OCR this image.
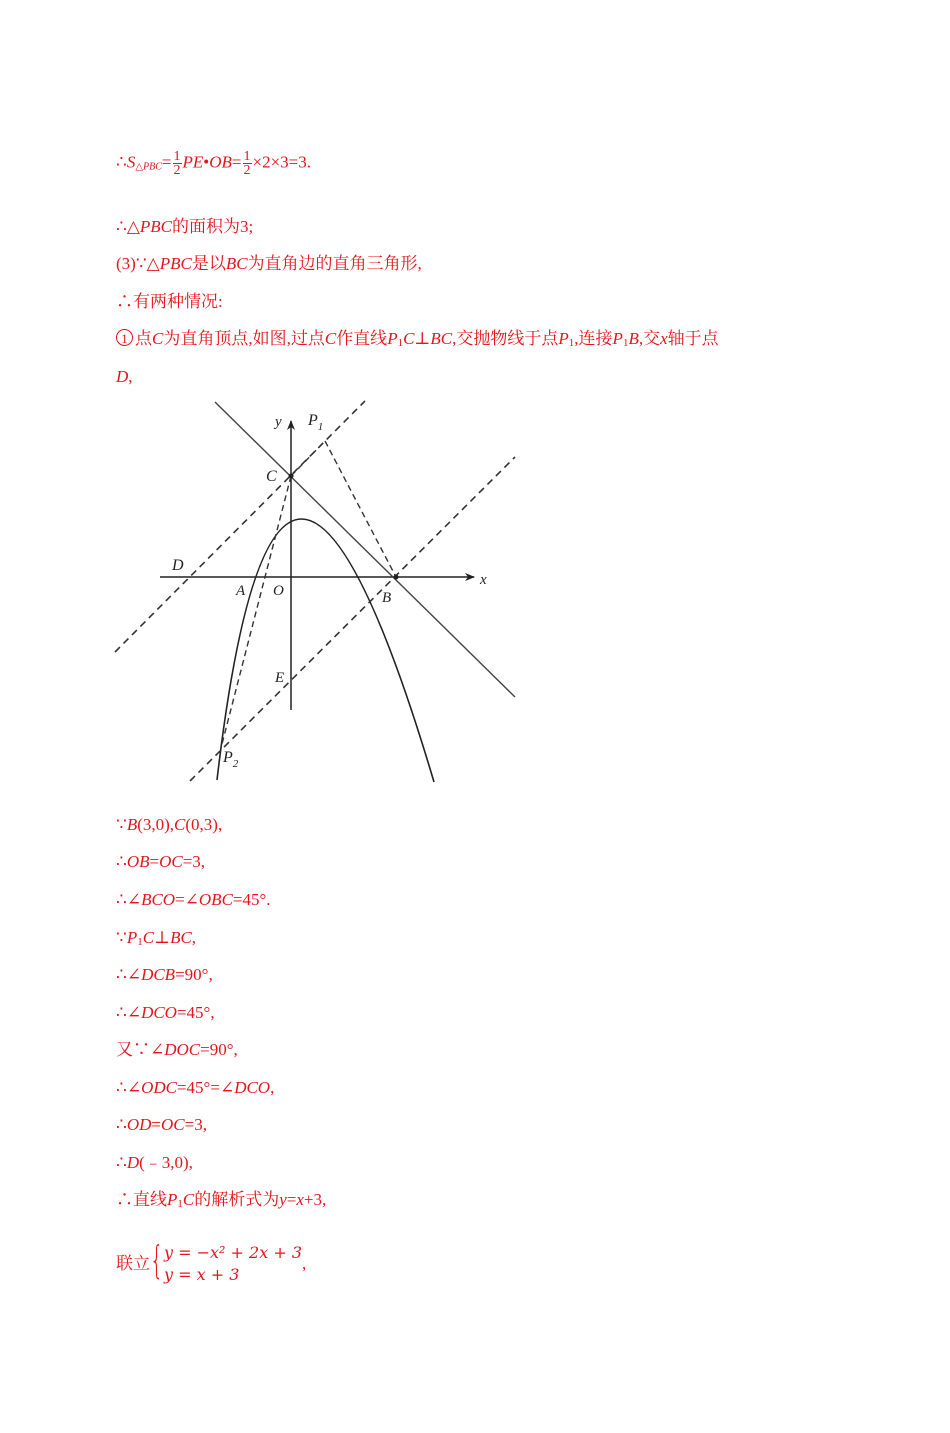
$\therefore S_{\triangle PBC}= \frac{1}{2}$ PE•OB= $\frac{1}{2} \times 2\times 3=3$.
∴△PBC的面积为3;
(3)∵△PBC是以BC为直角边的直角三角形,
∴有两种情况:
1 点C为直角顶点,如图,过点C作直线$P_1C\perp BC$,交抛物线于点$P_1$,连接$P_1B$,交x轴于点
D,
y
x
$P_1$
C
D
A O	B
E
$P_2$
∵B(3,0),C(0,3),
∴OB=OC=3,
∴∠BCO=∠OBC=45°.
$\because P_1C\perp BC$,
∴∠DCB=90°,
∴∠DCO=45°,
又∵∠DOC=90°,
∴∠ODC=45°=∠DCO,
∴OD=OC=3,
∴D(﹣3,0),
∴直线$P_1C$的解析式为y=x+3,
联立 { y = −x² + 2x + 3
y = x + 3
,
